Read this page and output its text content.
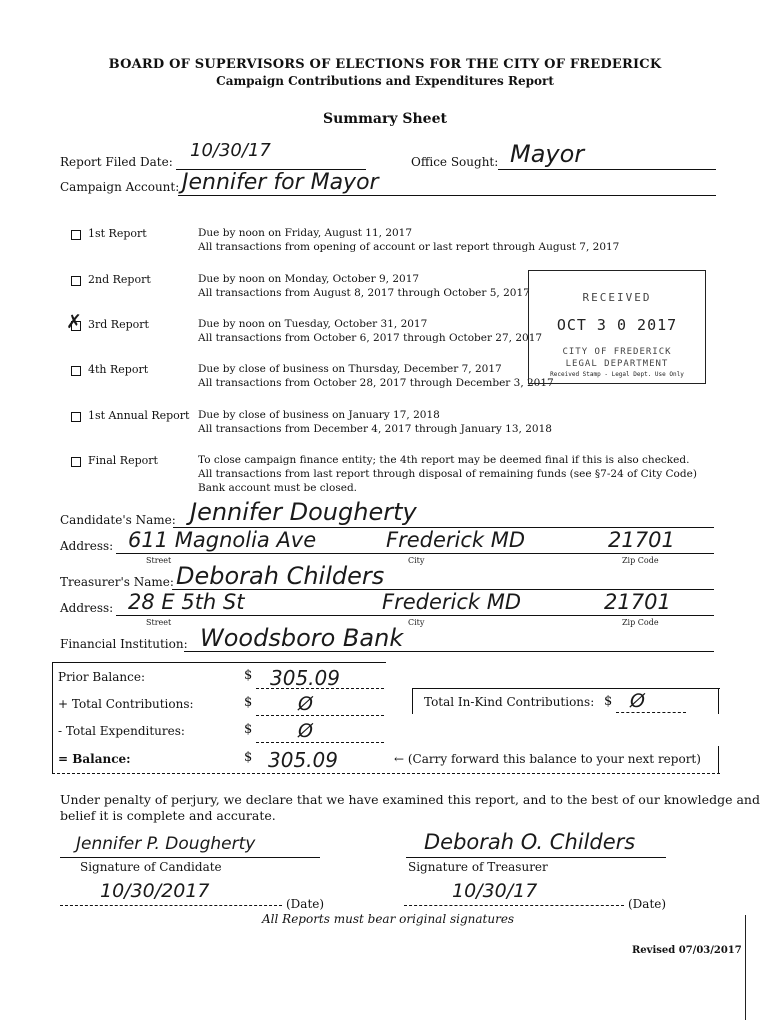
BOARD OF SUPERVISORS OF ELECTIONS FOR THE CITY OF FREDERICK
Campaign Contributions and Expenditures Report
Summary Sheet
Report Filed Date:
10/30/17
Office Sought: Mayor
Campaign Account: Jennifer for Mayor
1st Report	Due by noon on Friday, August 11, 2017
All transactions from opening of account or last report through August 7, 2017
2nd Report	Due by noon on Monday, October 9, 2017
All transactions from August 8, 2017 through October 5, 2017
✗ 3rd Report	Due by noon on Tuesday, October 31, 2017
All transactions from October 6, 2017 through October 27, 2017
4th Report	Due by close of business on Thursday, December 7, 2017
All transactions from October 28, 2017 through December 3, 2017
1st Annual Report Due by close of business on January 17, 2018
All transactions from December 4, 2017 through January 13, 2018
Final Report	To close campaign finance entity; the 4th report may be deemed final if this is also checked.
All transactions from last report through disposal of remaining funds (see §7-24 of City Code)
Bank account must be closed.
RECEIVED
OCT 3 0 2017
CITY OF FREDERICK
LEGAL DEPARTMENT
Received Stamp - Legal Dept. Use Only
Candidate's Name: Jennifer Dougherty
Address: 611 Magnolia Ave	Frederick MD	21701
Street	City	Zip Code
Treasurer's Name: Deborah Childers
Address: 28 E 5th St	Frederick MD	21701
Street	City	Zip Code
Financial Institution: Woodsboro Bank
Prior Balance:	$ 305.09
+ Total Contributions:	$ Ø
- Total Expenditures:	$ Ø
= Balance:	$ 305.09	← (Carry forward this balance to your next report)
Total In-Kind Contributions: $ Ø
Under penalty of perjury, we declare that we have examined this report, and to the best of our knowledge and
belief it is complete and accurate.
Jennifer P. Dougherty
Signature of Candidate
Deborah O. Childers
Signature of Treasurer
10/30/2017
(Date)
10/30/17
(Date)
All Reports must bear original signatures
Revised 07/03/2017
